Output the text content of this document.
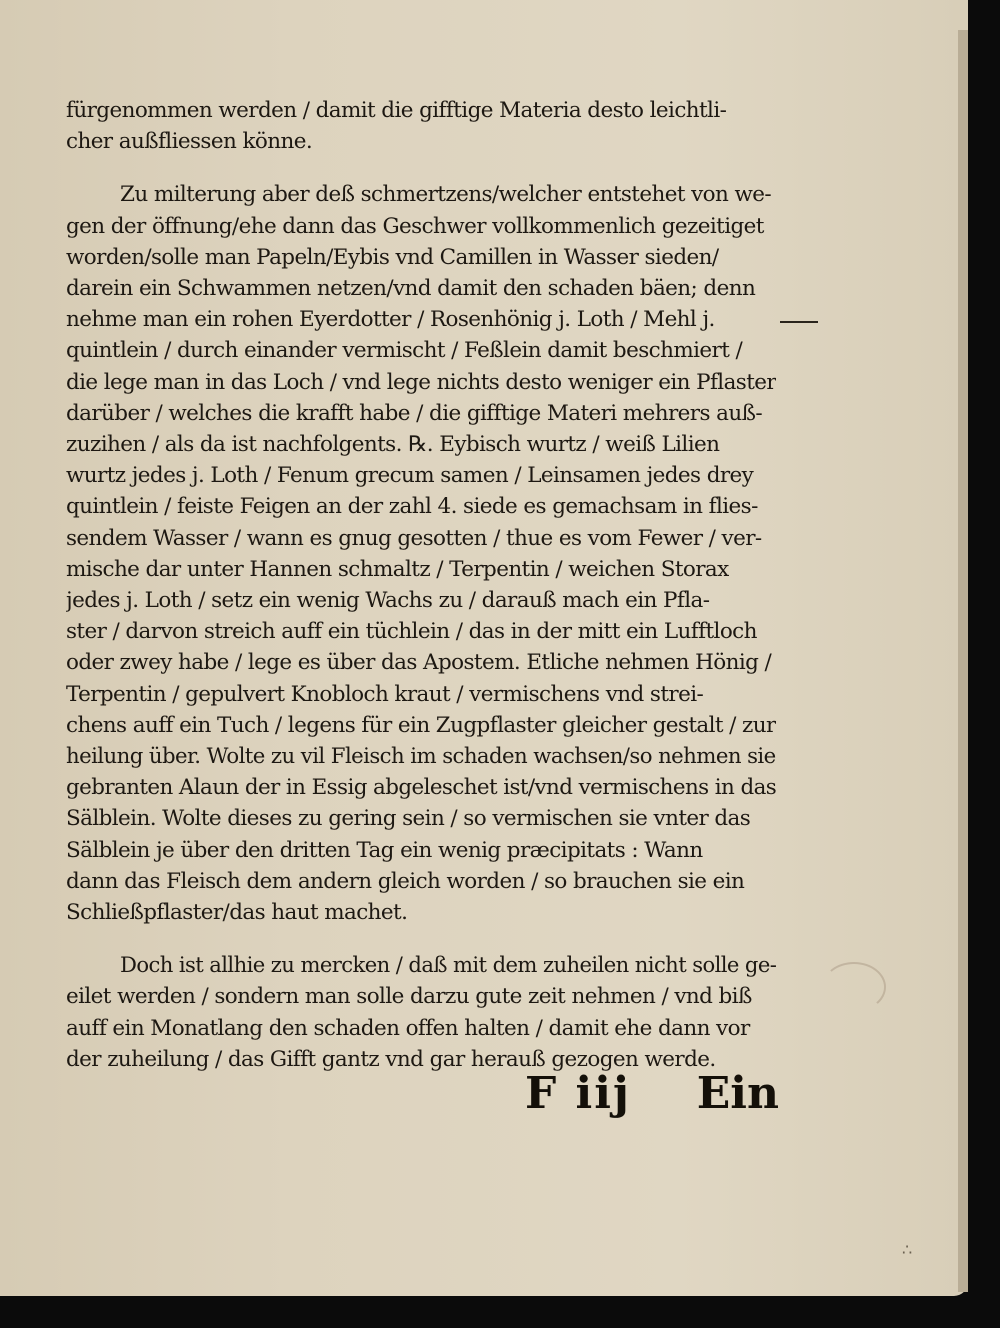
fürgenommen werden / damit die gifftige Materia desto leichtli-
cher außfliessen könne.
Zu milterung aber deß schmertzens/welcher entstehet von we-
gen der öffnung/ehe dann das Geschwer vollkommenlich gezeitiget
worden/solle man Papeln/Eybis vnd Camillen in Wasser sieden/
darein ein Schwammen netzen/vnd damit den schaden bäen; denn
nehme man ein rohen Eyerdotter / Rosenhönig j. Loth / Mehl j.
quintlein / durch einander vermischt / Feßlein damit beschmiert /
die lege man in das Loch / vnd lege nichts desto weniger ein Pflaster
darüber / welches die krafft habe / die gifftige Materi mehrers auß-
zuzihen / als da ist nachfolgents. ℞. Eybisch wurtz / weiß Lilien
wurtz jedes j. Loth / Fenum grecum samen / Leinsamen jedes drey
quintlein / feiste Feigen an der zahl 4. siede es gemachsam in flies-
sendem Wasser / wann es gnug gesotten / thue es vom Fewer / ver-
mische dar unter Hannen schmaltz / Terpentin / weichen Storax
jedes j. Loth / setz ein wenig Wachs zu / darauß mach ein Pfla-
ster / darvon streich auff ein tüchlein / das in der mitt ein Lufftloch
oder zwey habe / lege es über das Apostem. Etliche nehmen Hönig /
Terpentin / gepulvert Knobloch kraut / vermischens vnd strei-
chens auff ein Tuch / legens für ein Zugpflaster gleicher gestalt / zur
heilung über. Wolte zu vil Fleisch im schaden wachsen/so nehmen sie
gebranten Alaun der in Essig abgeleschet ist/vnd vermischens in das
Sälblein. Wolte dieses zu gering sein / so vermischen sie vnter das
Sälblein je über den dritten Tag ein wenig præcipitats : Wann
dann das Fleisch dem andern gleich worden / so brauchen sie ein
Schließpflaster/das haut machet.
Doch ist allhie zu mercken / daß mit dem zuheilen nicht solle ge-
eilet werden / sondern man solle darzu gute zeit nehmen / vnd biß
auff ein Monatlang den schaden offen halten / damit ehe dann vor
der zuheilung / das Gifft gantz vnd gar herauß gezogen werde.
F iij Ein
∴
